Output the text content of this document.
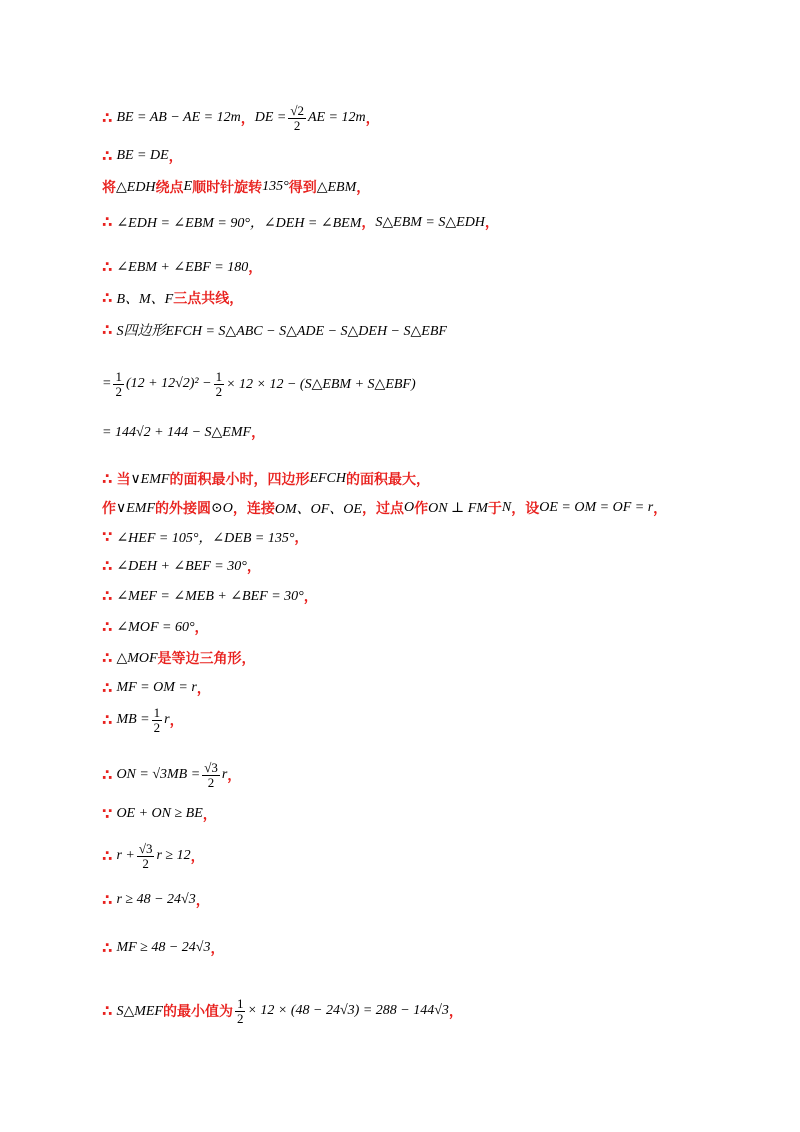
∴ BE = AB − AE = 12m ， DE = $\frac{√2}{2}$ AE = 12m ，
∴ BE = DE ，
将 △EDH 绕点 E 顺时针旋转 135° 得到 △EBM ，
∴ ∠EDH = ∠EBM = 90°，∠DEH = ∠BEM ， S△EBM = S△EDH ，
∴ ∠EBM + ∠EBF = 180 ，
∴ B、M、F 三点共线，
∴ S四边形EFCH = S△ABC − S△ADE − S△DEH − S△EBF
= $\frac{1}{2} (12 + 12√2)^2 - \frac{1}{2} \times 12 \times 12$ − (S△EBM + S△EBF)
= 144√2 + 144 − S△EMF ，
∴ 当 ∨EMF 的面积最小时，四边形 EFCH 的面积最大，
作 ∨EMF 的外接圆 ⊙O ，连接 OM、OF、OE ，过点 O 作 ON ⊥ FM 于 N ，设 OE = OM = OF = r ，
∵ ∠HEF = 105°，∠DEB = 135° ，
∴ ∠DEH + ∠BEF = 30° ，
∴ ∠MEF = ∠MEB + ∠BEF = 30° ，
∴ ∠MOF = 60° ，
∴ △MOF 是等边三角形，
∴ MF = OM = r ，
∴ MB = $\frac{1}{2}$ r ，
∴ ON = $√3MB = \frac{√3}{2}$ r ，
∵ OE + ON ≥ BE ，
∴ $r + \frac{√3}{2}$ r ≥ 12 ，
∴ r ≥ 48 − 24√3 ，
∴ MF ≥ 48 − 24√3 ，
∴ S△MEF 的最小值为 $\frac{1}{2} \times 12 \times (48 - 24√3) = 288 - 144√3$ ，
